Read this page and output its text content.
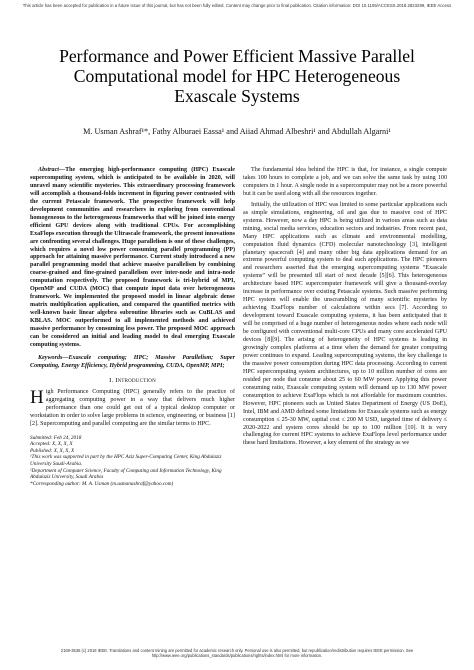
This article has been accepted for publication in a future issue of this journal, but has not been fully edited. Content may change prior to final publication. Citation information: DOI 10.1109/ACCESS.2018.2823299, IEEE Access
Performance and Power Efficient Massive Parallel
Computational model for HPC Heterogeneous
Exascale Systems
M. Usman Ashraf¹*, Fathy Alburaei Eassa¹ and Aiiad Ahmad Albeshri¹ and Abdullah Algarni¹

Abstract—The emerging high-performance computing (HPC) Exascale supercomputing system, which is anticipated to be available in 2020, will unravel many scientific mysteries. This extraordinary processing framework will accomplish a thousand-folds increment in figuring power contrasted with the current Petascale framework. The prospective framework will help development communities and researchers in exploring from conventional homogeneous to the heterogeneous frameworks that will be joined into energy efficient GPU devices along with traditional CPUs. For accomplishing ExaFlops execution through the Ultrascale framework, the present innovations are confronting several challenges. Huge parallelism is one of these challenges, which requires a novel low power consuming parallel programming (PP) approach for attaining massive performance. Current study introduced a new parallel programming model that achieve massive parallelism by combining coarse-grained and fine-grained parallelism over inter-node and intra-node computation respectively. The proposed framework is tri-hybrid of MPI, OpenMP and CUDA (MOC) that compute input data over heterogeneous framework. We implemented the proposed model in linear algebraic dense matrix multiplication application, and compared the quantified metrics with well-known basic linear algebra subroutine libraries such as CuBLAS and KBLAS. MOC outperformed to all implemented methods and achieved massive performance by consuming less power. The proposed MOC approach can be considered an initial and leading model to deal emerging Exascale computing systems.

Keywords—Exascale computing; HPC; Massive Parallelism; Super Computing, Energy Efficiency, Hybrid programming, CUDA, OpenMP, MPI;

I. Introduction

High Performance Computing (HPC) generally refers to the practice of aggregating computing power in a way that delivers much higher performance than one could get out of a typical desktop computer or workstation in order to solve large problems in science, engineering, or business [1][2]. Supercomputing and parallel computing are the similar terms to HPC.

Submitted: Feb 24, 2018
Accepted: X, X, X, X
Published: X, X, X, X
¹This work was supported in part by the HPC Aziz Super-Computing Center, King Abdulaziz University Saudi-Arabia.
¹Department of Computer Science, Faculty of Computing and Information Technology, King Abdulaziz University, Saudi Arabia
*Corresponding author: M. A. Usman (m.usmanashraf@yahoo.com)

The fundamental idea behind the HPC is that, for instance, a single compute takes 100 hours to complete a job, and we can solve the same task by using 100 computers in 1 hour. A single node in a supercomputer may not be a more powerful but it can be used along with all the resources together.

Initially, the utilization of HPC was limited to some particular applications such as simple simulations, engineering, oil and gas due to massive cost of HPC systems. However, now a day HPC is being utilized in various areas such as data mining, social media services, education sectors and industries. From recent past, Many HPC applications such as climate and environmental modelling, computation fluid dynamics (CFD) molecular nanotechnology [3], intelligent planetary spacecraft [4] and many other big data applications demand for an extreme powerful computing system to deal such applications. The HPC pioneers and researchers asserted that the emerging supercomputing systems “Exascale systems” will be presented till start of next decade [5][6]. This heterogeneous architecture based HPC supercomputer framework will give a thousand-overlay increase in performance over existing Petascale systems. Such massive performing HPC system will enable the unscrambling of many scientific mysteries by achieving ExaFlops number of calculations within secs [7]. According to development toward Exascale computing systems, it has been anticipated that it will be comprised of a huge number of heterogeneous nodes where each node will be configured with conventional multi-core CPUs and many core accelerated GPU devices [8][9]. The arising of heterogeneity of HPC systems is leading in growingly complex platforms at a time when the demand for greater computing power continues to expand. Leading supercomputing systems, the key challenge is the massive power consumption during HPC data processing. According to current HPC supercomputing system architectures, up to 10 million number of cores are resided per node that consume about 25 to 60 MW power. Applying this power consuming ratio, Exascale computing system will demand up to 130 MW power consumption to achieve ExaFlops which is not affordable for maximum countries. However, HPC pioneers such as United States Department of Energy (US DoE), Intel, IBM and AMD defined some limitations for Exascale systems such as energy consumption ≤ 25-30 MW, capital cost ≤ 200 M USD, targeted time of delivery ≤ 2020-2022 and system cores should be up to 100 million [10]. It is very challenging for current HPC systems to achieve ExaFlops level performance under these hard limitations. However, a key element of the strategy as we

2169-3536 (c) 2018 IEEE. Translations and content mining are permitted for academic research only. Personal use is also permitted, but republication/redistribution requires IEEE permission. See http://www.ieee.org/publications_standards/publications/rights/index.html for more information.
